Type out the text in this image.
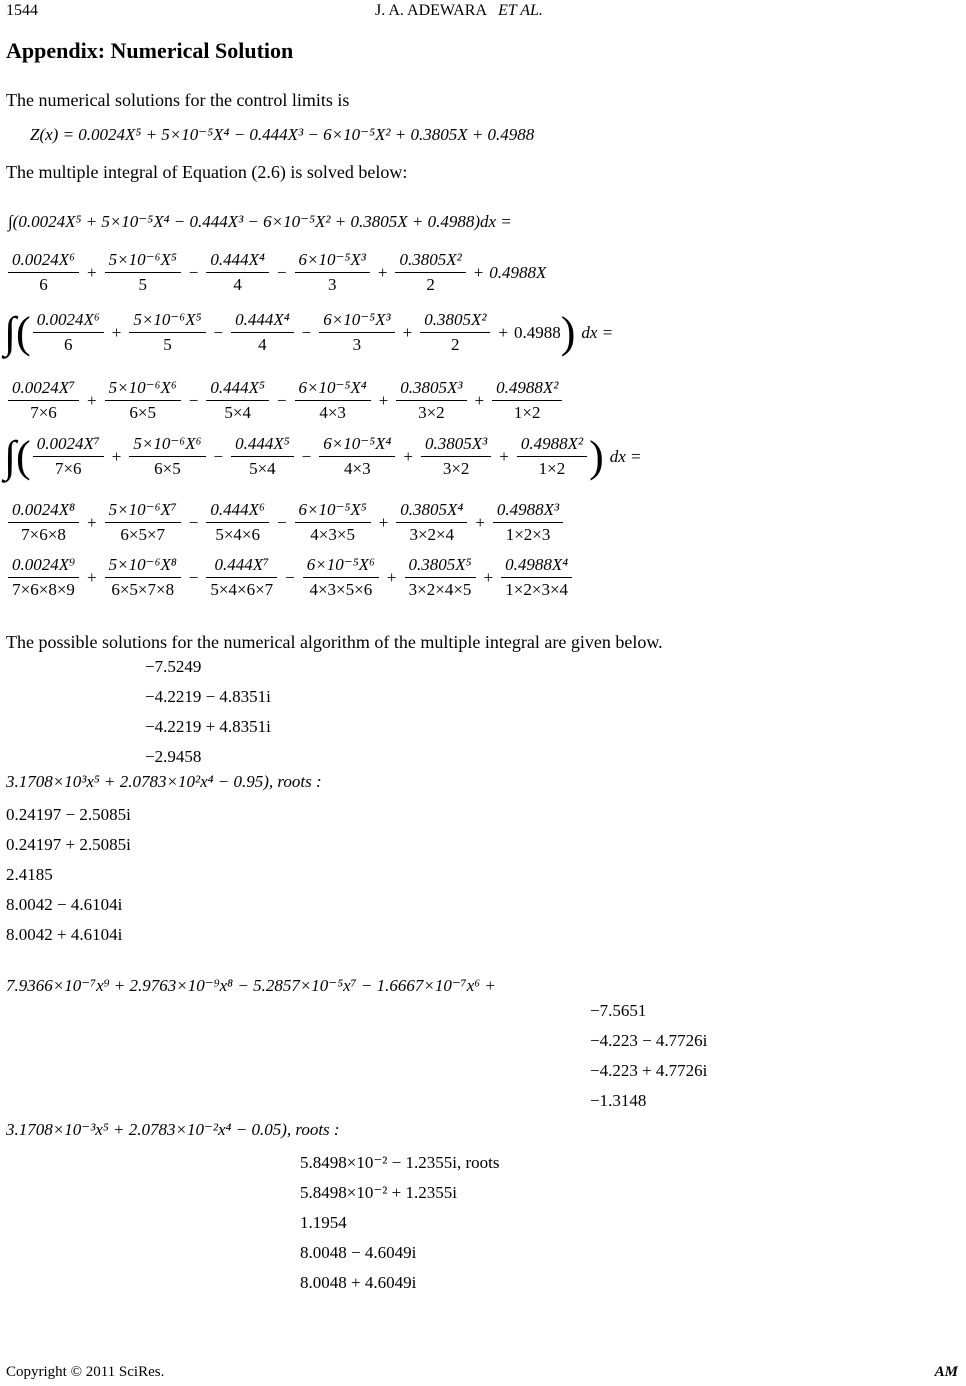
1544	J. A. ADEWARA ET AL.
Appendix: Numerical Solution
The numerical solutions for the control limits is
Z(x) = 0.0024X⁵ + 5×10⁻⁵X⁴ − 0.444X³ − 6×10⁻⁵X² + 0.3805X + 0.4988
The multiple integral of Equation (2.6) is solved below:
∫(0.0024X⁵ + 5×10⁻⁵X⁴ − 0.444X³ − 6×10⁻⁵X² + 0.3805X + 0.4988)dx =
$\frac{\text{0.0024X⁶}}{6} + \frac{\text{5×10⁻⁶X⁵}}{5} - \frac{\text{0.444X⁴}}{4} - \frac{\text{6×10⁻⁵X³}}{3} + \frac{\text{0.3805X²}}{2} + 0.4988X$
∫( $\frac{\text{0.0024X⁶}}{6} + \frac{\text{5×10⁻⁶X⁵}}{5} - \frac{\text{0.444X⁴}}{4} - \frac{\text{6×10⁻⁵X³}}{3} + \frac{\text{0.3805X²}}{2} + 0.4988$ ) dx =
$\frac{\text{0.0024X⁷}}{7\times 6} + \frac{\text{5×10⁻⁶X⁶}}{6\times 5} - \frac{\text{0.444X⁵}}{5\times 4} - \frac{\text{6×10⁻⁵X⁴}}{4\times 3} + \frac{\text{0.3805X³}}{3\times 2} + \frac{\text{0.4988X²}}{1\times 2}$
∫( $\frac{\text{0.0024X⁷}}{7\times 6} + \frac{\text{5×10⁻⁶X⁶}}{6\times 5} - \frac{\text{0.444X⁵}}{5\times 4} - \frac{\text{6×10⁻⁵X⁴}}{4\times 3} + \frac{\text{0.3805X³}}{3\times 2} + \frac{\text{0.4988X²}}{1\times 2}$ ) dx =
$\frac{\text{0.0024X⁸}}{7\times 6\times 8} + \frac{\text{5×10⁻⁶X⁷}}{6\times 5\times 7} - \frac{\text{0.444X⁶}}{5\times 4\times 6} - \frac{\text{6×10⁻⁵X⁵}}{4\times 3\times 5} + \frac{\text{0.3805X⁴}}{3\times 2\times 4} + \frac{\text{0.4988X³}}{1\times 2\times 3}$
$\frac{\text{0.0024X⁹}}{7\times 6\times 8\times 9} + \frac{\text{5×10⁻⁶X⁸}}{6\times 5\times 7\times 8} - \frac{\text{0.444X⁷}}{5\times 4\times 6\times 7} - \frac{\text{6×10⁻⁵X⁶}}{4\times 3\times 5\times 6} + \frac{\text{0.3805X⁵}}{3\times 2\times 4\times 5} + \frac{\text{0.4988X⁴}}{1\times 2\times 3\times 4}$
The possible solutions for the numerical algorithm of the multiple integral are given below.
−7.5249
−4.2219 − 4.8351i
−4.2219 + 4.8351i
−2.9458
3.1708×10³x⁵ + 2.0783×10²x⁴ − 0.95), roots :
0.24197 − 2.5085i
0.24197 + 2.5085i
2.4185
8.0042 − 4.6104i
8.0042 + 4.6104i
7.9366×10⁻⁷x⁹ + 2.9763×10⁻⁹x⁸ − 5.2857×10⁻⁵x⁷ − 1.6667×10⁻⁷x⁶ +
−7.5651
−4.223 − 4.7726i
−4.223 + 4.7726i
−1.3148
3.1708×10⁻³x⁵ + 2.0783×10⁻²x⁴ − 0.05), roots :
5.8498×10⁻² − 1.2355i, roots
5.8498×10⁻² + 1.2355i
1.1954
8.0048 − 4.6049i
8.0048 + 4.6049i
Copyright © 2011 SciRes.	AM
